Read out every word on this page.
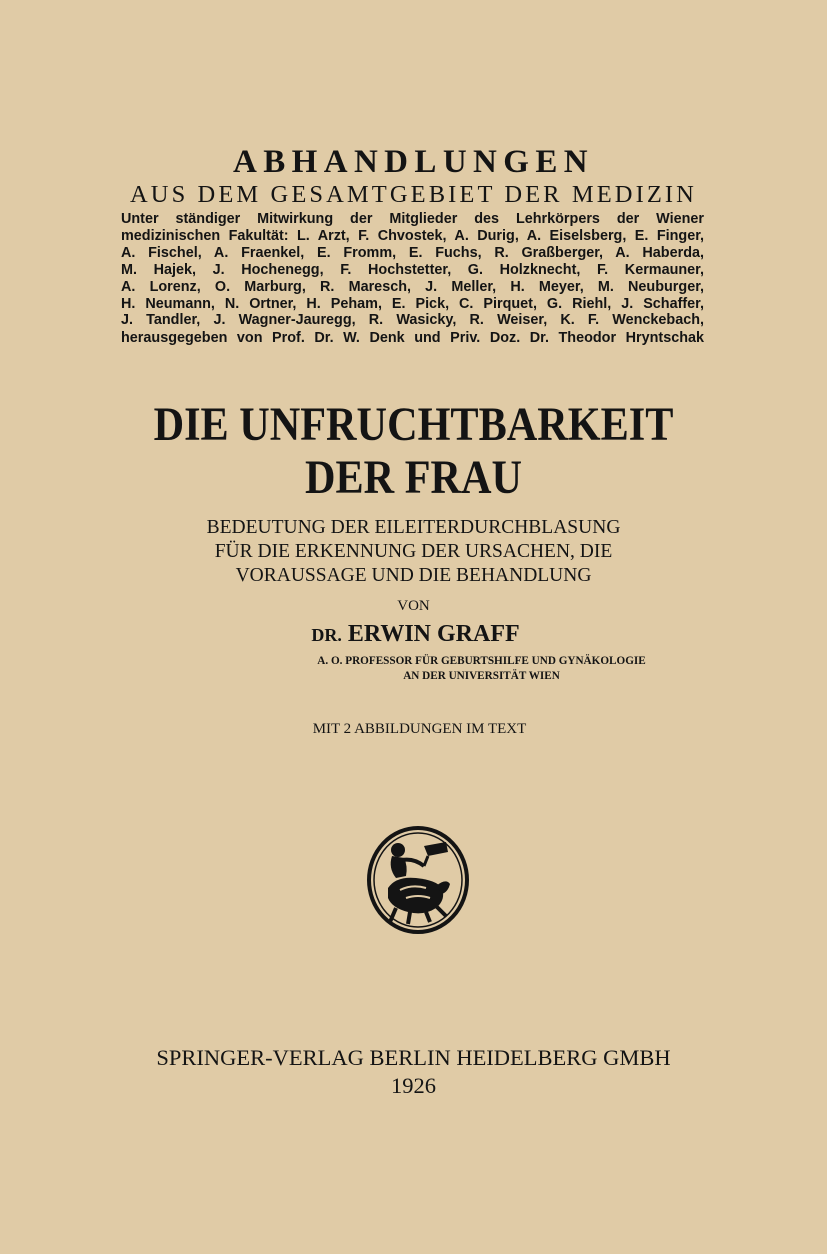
ABHANDLUNGEN
AUS DEM GESAMTGEBIET DER MEDIZIN
Unter ständiger Mitwirkung der Mitglieder des Lehrkörpers der Wiener
medizinischen Fakultät: L. Arzt, F. Chvostek, A. Durig, A. Eiselsberg, E. Finger,
A. Fischel, A. Fraenkel, E. Fromm, E. Fuchs, R. Graßberger, A. Haberda,
M. Hajek, J. Hochenegg, F. Hochstetter, G. Holzknecht, F. Kermauner,
A. Lorenz, O. Marburg, R. Maresch, J. Meller, H. Meyer, M. Neuburger,
H. Neumann, N. Ortner, H. Peham, E. Pick, C. Pirquet, G. Riehl, J. Schaffer,
J. Tandler, J. Wagner-Jauregg, R. Wasicky, R. Weiser, K. F. Wenckebach,
herausgegeben von Prof. Dr. W. Denk und Priv. Doz. Dr. Theodor Hryntschak
DIE UNFRUCHTBARKEIT
DER FRAU
BEDEUTUNG DER EILEITERDURCHBLASUNG
FÜR DIE ERKENNUNG DER URSACHEN, DIE
VORAUSSAGE UND DIE BEHANDLUNG
VON
DR. ERWIN GRAFF
A. O. PROFESSOR FÜR GEBURTSHILFE UND GYNÄKOLOGIE
AN DER UNIVERSITÄT WIEN
MIT 2 ABBILDUNGEN IM TEXT
SPRINGER-VERLAG BERLIN HEIDELBERG GMBH
1926
